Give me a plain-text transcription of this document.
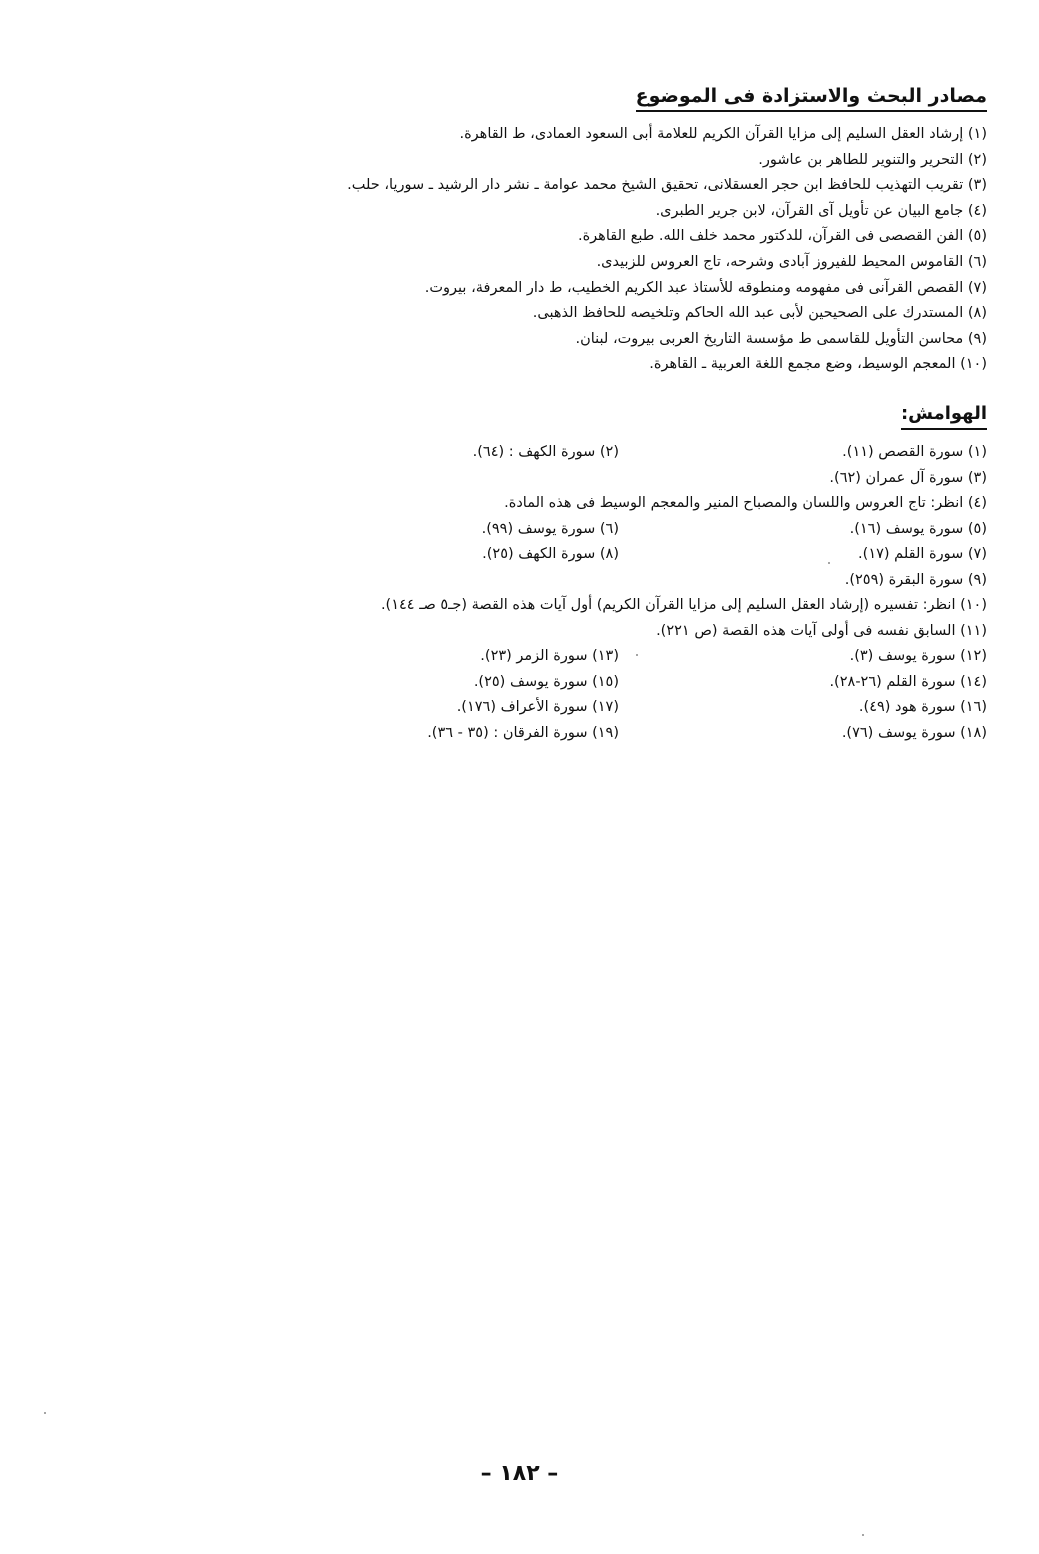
مصادر البحث والاستزادة فى الموضوع
(١) إرشاد العقل السليم إلى مزايا القرآن الكريم للعلامة أبى السعود العمادى، ط القاهرة.
(٢) التحرير والتنوير للطاهر بن عاشور.
(٣) تقريب التهذيب للحافظ ابن حجر العسقلانى، تحقيق الشيخ محمد عوامة ـ نشر دار الرشيد ـ سوريا، حلب.
(٤) جامع البيان عن تأويل آى القرآن، لابن جرير الطبرى.
(٥) الفن القصصى فى القرآن، للدكتور محمد خلف الله. طبع القاهرة.
(٦) القاموس المحيط للفيروز آبادى وشرحه، تاج العروس للزبيدى.
(٧) القصص القرآنى فى مفهومه ومنطوقه للأستاذ عبد الكريم الخطيب، ط دار المعرفة، بيروت.
(٨) المستدرك على الصحيحين لأبى عبد الله الحاكم وتلخيصه للحافظ الذهبى.
(٩) محاسن التأويل للقاسمى ط مؤسسة التاريخ العربى بيروت، لبنان.
(١٠) المعجم الوسيط، وضع مجمع اللغة العربية ـ القاهرة.
الهوامش:
(١) سورة القصص (١١).
(٢) سورة الكهف : (٦٤).
(٣) سورة آل عمران (٦٢).
(٤) انظر: تاج العروس واللسان والمصباح المنير والمعجم الوسيط فى هذه المادة.
(٥) سورة يوسف (١٦).
(٦) سورة يوسف (٩٩).
(٧) سورة القلم (١٧).
(٨) سورة الكهف (٢٥).
(٩) سورة البقرة (٢٥٩).
(١٠) انظر: تفسيره (إرشاد العقل السليم إلى مزايا القرآن الكريم) أول آيات هذه القصة (جـ٥ صـ ١٤٤).
(١١) السابق نفسه فى أولى آيات هذه القصة (ص ٢٢١).
(١٢) سورة يوسف (٣).
(١٣) سورة الزمر (٢٣).
(١٤) سورة القلم (٢٦-٢٨).
(١٥) سورة يوسف (٢٥).
(١٦) سورة هود (٤٩).
(١٧) سورة الأعراف (١٧٦).
(١٨) سورة يوسف (٧٦).
(١٩) سورة الفرقان : (٣٥ - ٣٦).
– ١٨٢ –
